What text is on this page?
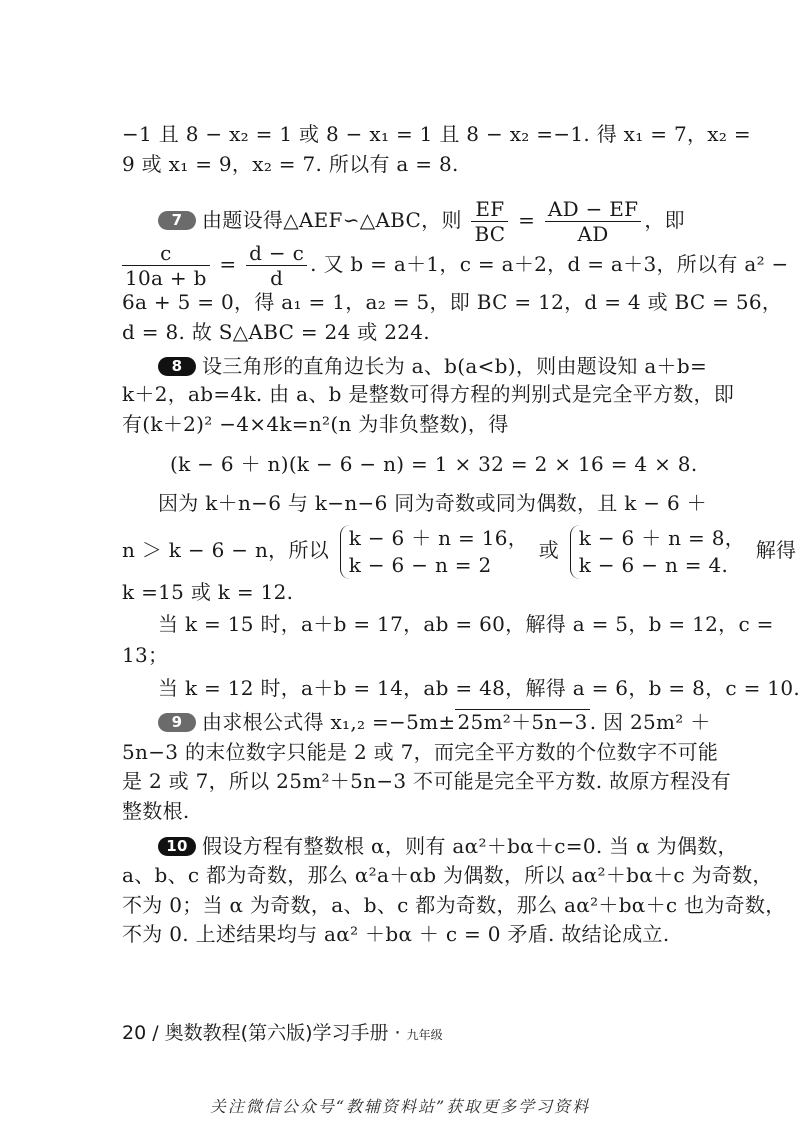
−1 且 8 − x₂ = 1 或 8 − x₁ = 1 且 8 − x₂ =−1. 得 x₁ = 7，x₂ =
9 或 x₁ = 9，x₂ = 7. 所以有 a = 8.
7 由题设得△AEF∽△ABC，则 $\frac{EF}{BC} = \frac{AD - EF}{AD}$ ，即
$\frac{c}{10a + b} = \frac{d - c}{d}$ . 又 b = a＋1，c = a＋2，d = a＋3，所以有 a² −
6a + 5 = 0，得 a₁ = 1，a₂ = 5，即 BC = 12，d = 4 或 BC = 56，
d = 8. 故 S△ABC = 24 或 224.
8 设三角形的直角边长为 a、b(a<b)，则由题设知 a＋b=
k＋2，ab=4k. 由 a、b 是整数可得方程的判别式是完全平方数，即
有(k＋2)² −4×4k=n²(n 为非负整数)，得
(k − 6 ＋ n)(k − 6 − n) = 1 × 32 = 2 × 16 = 4 × 8.
因为 k＋n−6 与 k−n−6 同为奇数或同为偶数，且 k − 6 ＋
n ＞ k − 6 − n，所以
k − 6 ＋ n = 16，
k − 6 − n = 2
或
k − 6 ＋ n = 8，
k − 6 − n = 4.
解得
k =15 或 k = 12.
当 k = 15 时，a＋b = 17，ab = 60，解得 a = 5，b = 12，c =
13；
当 k = 12 时，a＋b = 14，ab = 48，解得 a = 6，b = 8，c = 10.
9 由求根公式得 x₁,₂ =−5m± 25m²＋5n−3 . 因 25m² ＋
5n−3 的末位数字只能是 2 或 7，而完全平方数的个位数字不可能
是 2 或 7，所以 25m²＋5n−3 不可能是完全平方数. 故原方程没有
整数根.
10 假设方程有整数根 α，则有 aα²＋bα＋c=0. 当 α 为偶数，
a、b、c 都为奇数，那么 α²a＋αb 为偶数，所以 aα²＋bα＋c 为奇数，
不为 0；当 α 为奇数，a、b、c 都为奇数，那么 aα²＋bα＋c 也为奇数，
不为 0. 上述结果均与 aα² ＋bα ＋ c = 0 矛盾. 故结论成立.
20 / 奥数教程(第六版)学习手册 · 九年级
关注微信公众号“教辅资料站”获取更多学习资料
